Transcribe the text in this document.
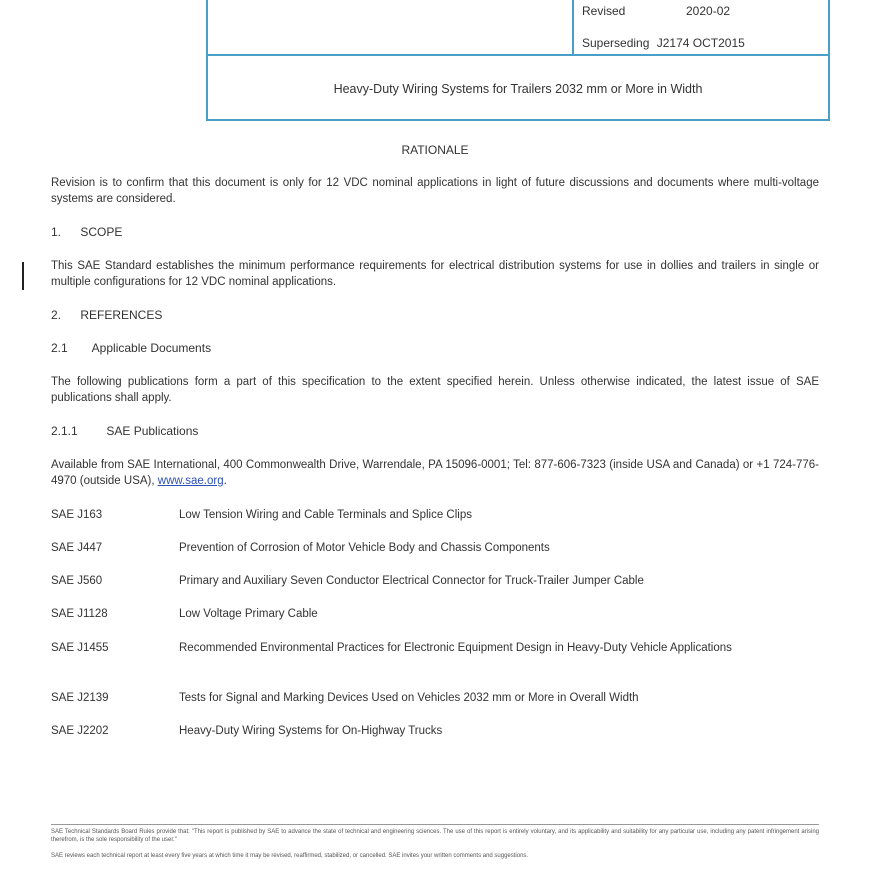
Revised	2020-02
Superseding J2174 OCT2015
Heavy-Duty Wiring Systems for Trailers 2032 mm or More in Width
RATIONALE
Revision is to confirm that this document is only for 12 VDC nominal applications in light of future discussions and documents where multi-voltage systems are considered.
1. SCOPE
This SAE Standard establishes the minimum performance requirements for electrical distribution systems for use in dollies and trailers in single or multiple configurations for 12 VDC nominal applications.
2. REFERENCES
2.1 Applicable Documents
The following publications form a part of this specification to the extent specified herein. Unless otherwise indicated, the latest issue of SAE publications shall apply.
2.1.1 SAE Publications
Available from SAE International, 400 Commonwealth Drive, Warrendale, PA 15096-0001; Tel: 877-606-7323 (inside USA and Canada) or +1 724-776-4970 (outside USA), www.sae.org.
SAE J163	Low Tension Wiring and Cable Terminals and Splice Clips
SAE J447	Prevention of Corrosion of Motor Vehicle Body and Chassis Components
SAE J560	Primary and Auxiliary Seven Conductor Electrical Connector for Truck-Trailer Jumper Cable
SAE J1128	Low Voltage Primary Cable
SAE J1455	Recommended Environmental Practices for Electronic Equipment Design in Heavy-Duty Vehicle Applications
SAE J2139	Tests for Signal and Marking Devices Used on Vehicles 2032 mm or More in Overall Width
SAE J2202	Heavy-Duty Wiring Systems for On-Highway Trucks
SAE Technical Standards Board Rules provide that: "This report is published by SAE to advance the state of technical and engineering sciences. The use of this report is entirely voluntary, and its applicability and suitability for any particular use, including any patent infringement arising therefrom, is the sole responsibility of the user."
SAE reviews each technical report at least every five years at which time it may be revised, reaffirmed, stabilized, or cancelled. SAE invites your written comments and suggestions.
